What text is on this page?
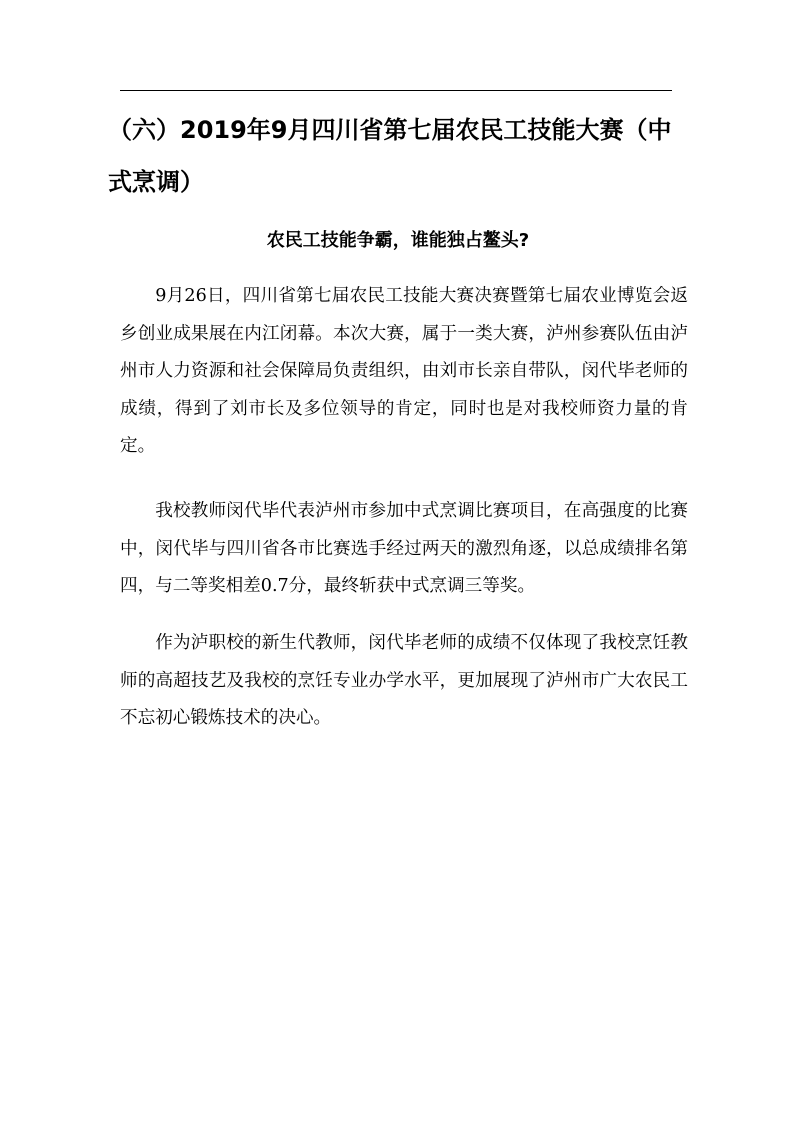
（六）2019年9月四川省第七届农民工技能大赛（中式烹调）
农民工技能争霸，谁能独占鳌头?

9月26日，四川省第七届农民工技能大赛决赛暨第七届农业博览会返乡创业成果展在内江闭幕。本次大赛，属于一类大赛，泸州参赛队伍由泸州市人力资源和社会保障局负责组织，由刘市长亲自带队，闵代毕老师的成绩，得到了刘市长及多位领导的肯定，同时也是对我校师资力量的肯定。

我校教师闵代毕代表泸州市参加中式烹调比赛项目，在高强度的比赛中，闵代毕与四川省各市比赛选手经过两天的激烈角逐，以总成绩排名第四，与二等奖相差0.7分，最终斩获中式烹调三等奖。

作为泸职校的新生代教师，闵代毕老师的成绩不仅体现了我校烹饪教师的高超技艺及我校的烹饪专业办学水平，更加展现了泸州市广大农民工不忘初心锻炼技术的决心。
